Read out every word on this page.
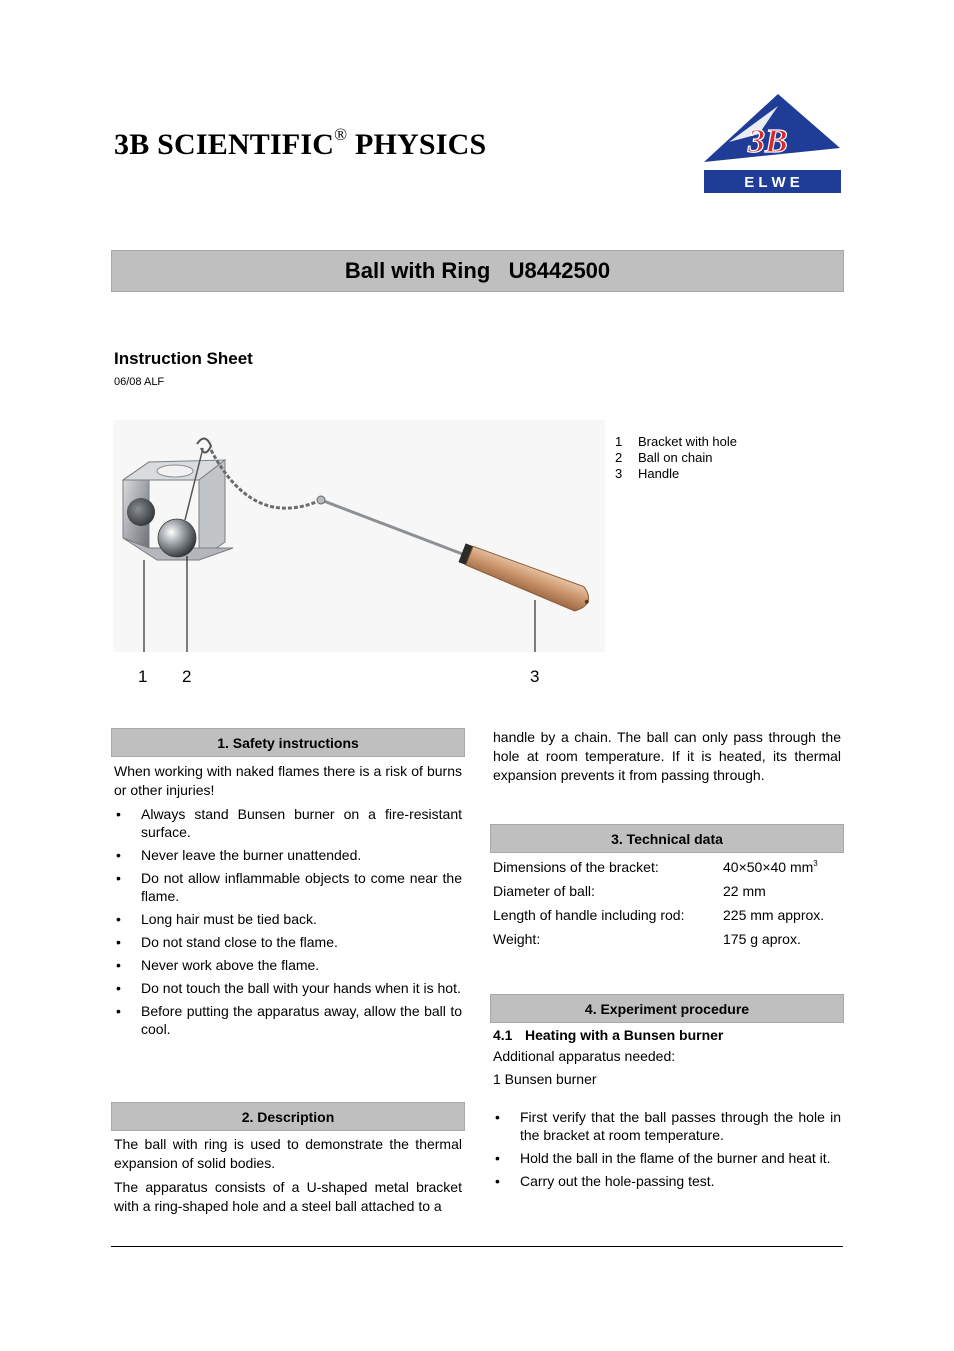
3B SCIENTIFIC® PHYSICS	3B
E L W E
Ball with Ring   U8442500
Instruction Sheet
06/08 ALF
1 2	3
1	Bracket with hole
2	Ball on chain
3	Handle
1. Safety instructions

When working with naked flames there is a risk of burns or other injuries!

• Always stand Bunsen burner on a fire-resistant surface.
• Never leave the burner unattended.
• Do not allow inflammable objects to come near the flame.
• Long hair must be tied back.
• Do not stand close to the flame.
• Never work above the flame.
• Do not touch the ball with your hands when it is hot.
• Before putting the apparatus away, allow the ball to cool.
2. Description

The ball with ring is used to demonstrate the thermal expansion of solid bodies.

The apparatus consists of a U-shaped metal bracket with a ring-shaped hole and a steel ball attached to a

handle by a chain. The ball can only pass through the hole at room temperature. If it is heated, its thermal expansion prevents it from passing through.

3. Technical data
Dimensions of the bracket:	40×50×40 $mm^3$
Diameter of ball:	22 mm
Length of handle including rod:	225 mm approx.
Weight:	175 g aprox.
4. Experiment procedure
4.1 Heating with a Bunsen burner

Additional apparatus needed:

1 Bunsen burner

• First verify that the ball passes through the hole in the bracket at room temperature.
• Hold the ball in the flame of the burner and heat it.
• Carry out the hole-passing test.
